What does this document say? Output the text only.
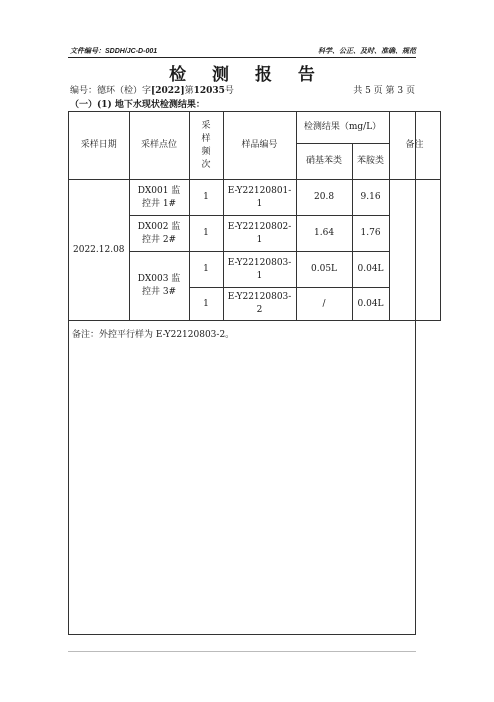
文件编号：SDDH/JC-D-001	科学、公正、及时、准确、规范
检 测 报 告
编号：德环（检）字[2022]第12035号	共 5 页 第 3 页
（一）(1) 地下水现状检测结果：
采样日期	采样点位	采样频次	样品编号	检测结果（mg/L）		备注
				硝基苯类	苯胺类	
2022.12.08	DX001 监控井 1#	1	E-Y22120801-1	20.8	9.16	
	DX002 监控井 2#	1	E-Y22120802-1	1.64	1.76	
	DX003 监控井 3#	1	E-Y22120803-1	0.05L	0.04L	
		1	E-Y22120803-2	/	0.04L	
备注：外控平行样为 E-Y22120803-2。
